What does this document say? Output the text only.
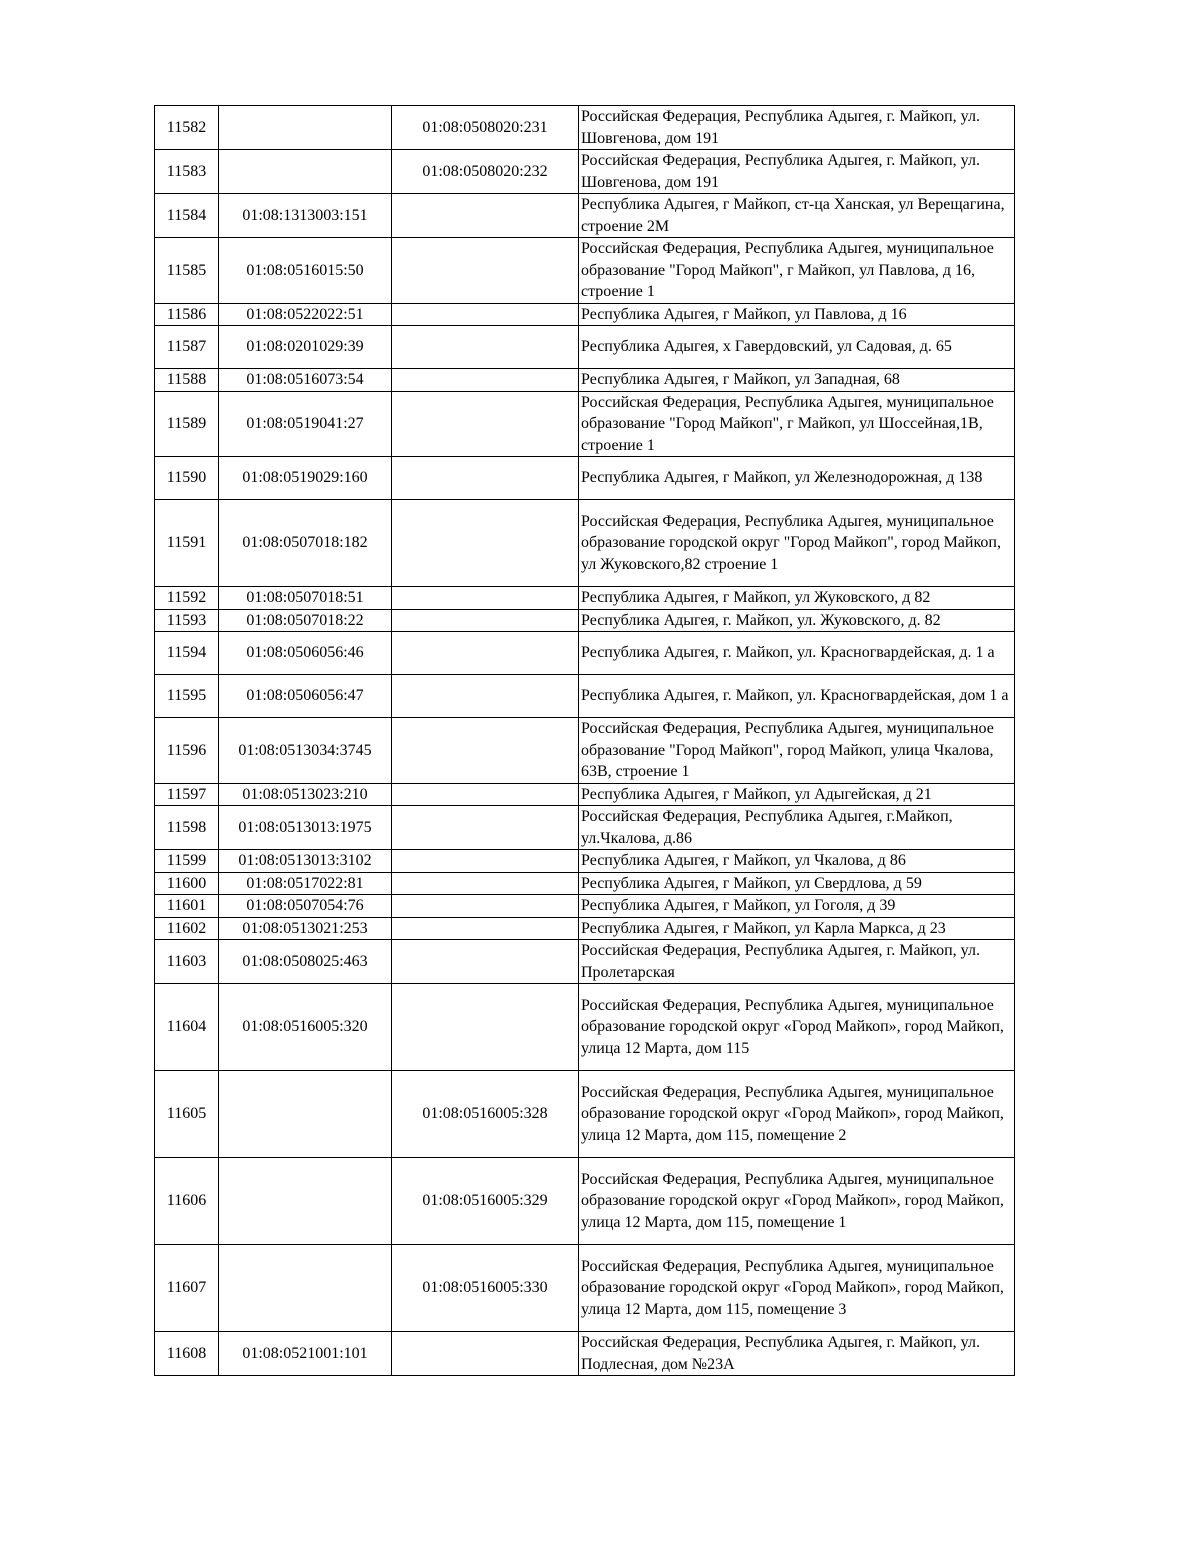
11582		01:08:0508020:231	Российская Федерация, Республика Адыгея, г. Майкоп, ул. Шовгенова, дом 191
11583		01:08:0508020:232	Российская Федерация, Республика Адыгея, г. Майкоп, ул. Шовгенова, дом 191
11584	01:08:1313003:151		Республика Адыгея, г Майкоп, ст-ца Ханская, ул Верещагина, строение 2М
11585	01:08:0516015:50		Российская Федерация, Республика Адыгея, муниципальное образование "Город Майкоп", г Майкоп, ул Павлова, д 16, строение 1
11586	01:08:0522022:51		Республика Адыгея, г Майкоп, ул Павлова, д 16
11587	01:08:0201029:39		Республика Адыгея, х Гавердовский, ул Садовая, д. 65
11588	01:08:0516073:54		Республика Адыгея, г Майкоп, ул Западная, 68
11589	01:08:0519041:27		Российская Федерация, Республика Адыгея, муниципальное образование "Город Майкоп", г Майкоп, ул Шоссейная,1В, строение 1
11590	01:08:0519029:160		Республика Адыгея, г Майкоп, ул Железнодорожная, д 138
11591	01:08:0507018:182		Российская Федерация, Республика Адыгея, муниципальное образование городской округ "Город Майкоп", город Майкоп, ул Жуковского,82 строение 1
11592	01:08:0507018:51		Республика Адыгея, г Майкоп, ул Жуковского, д 82
11593	01:08:0507018:22		Республика Адыгея, г. Майкоп, ул. Жуковского, д. 82
11594	01:08:0506056:46		Республика Адыгея, г. Майкоп, ул. Красногвардейская, д. 1 а
11595	01:08:0506056:47		Республика Адыгея, г. Майкоп, ул. Красногвардейская, дом 1 а
11596	01:08:0513034:3745		Российская Федерация, Республика Адыгея, муниципальное образование "Город Майкоп", город Майкоп, улица Чкалова, 63В, строение 1
11597	01:08:0513023:210		Республика Адыгея, г Майкоп, ул Адыгейская, д 21
11598	01:08:0513013:1975		Российская Федерация, Республика Адыгея, г.Майкоп, ул.Чкалова, д.86
11599	01:08:0513013:3102		Республика Адыгея, г Майкоп, ул Чкалова, д 86
11600	01:08:0517022:81		Республика Адыгея, г Майкоп, ул Свердлова, д 59
11601	01:08:0507054:76		Республика Адыгея, г Майкоп, ул Гоголя, д 39
11602	01:08:0513021:253		Республика Адыгея, г Майкоп, ул Карла Маркса, д 23
11603	01:08:0508025:463		Российская Федерация, Республика Адыгея, г. Майкоп, ул. Пролетарская
11604	01:08:0516005:320		Российская Федерация, Республика Адыгея, муниципальное образование городской округ «Город Майкоп», город Майкоп, улица 12 Марта, дом 115
11605		01:08:0516005:328	Российская Федерация, Республика Адыгея, муниципальное образование городской округ «Город Майкоп», город Майкоп, улица 12 Марта, дом 115, помещение 2
11606		01:08:0516005:329	Российская Федерация, Республика Адыгея, муниципальное образование городской округ «Город Майкоп», город Майкоп, улица 12 Марта, дом 115, помещение 1
11607		01:08:0516005:330	Российская Федерация, Республика Адыгея, муниципальное образование городской округ «Город Майкоп», город Майкоп, улица 12 Марта, дом 115, помещение 3
11608	01:08:0521001:101		Российская Федерация, Республика Адыгея, г. Майкоп, ул. Подлесная, дом №23А
